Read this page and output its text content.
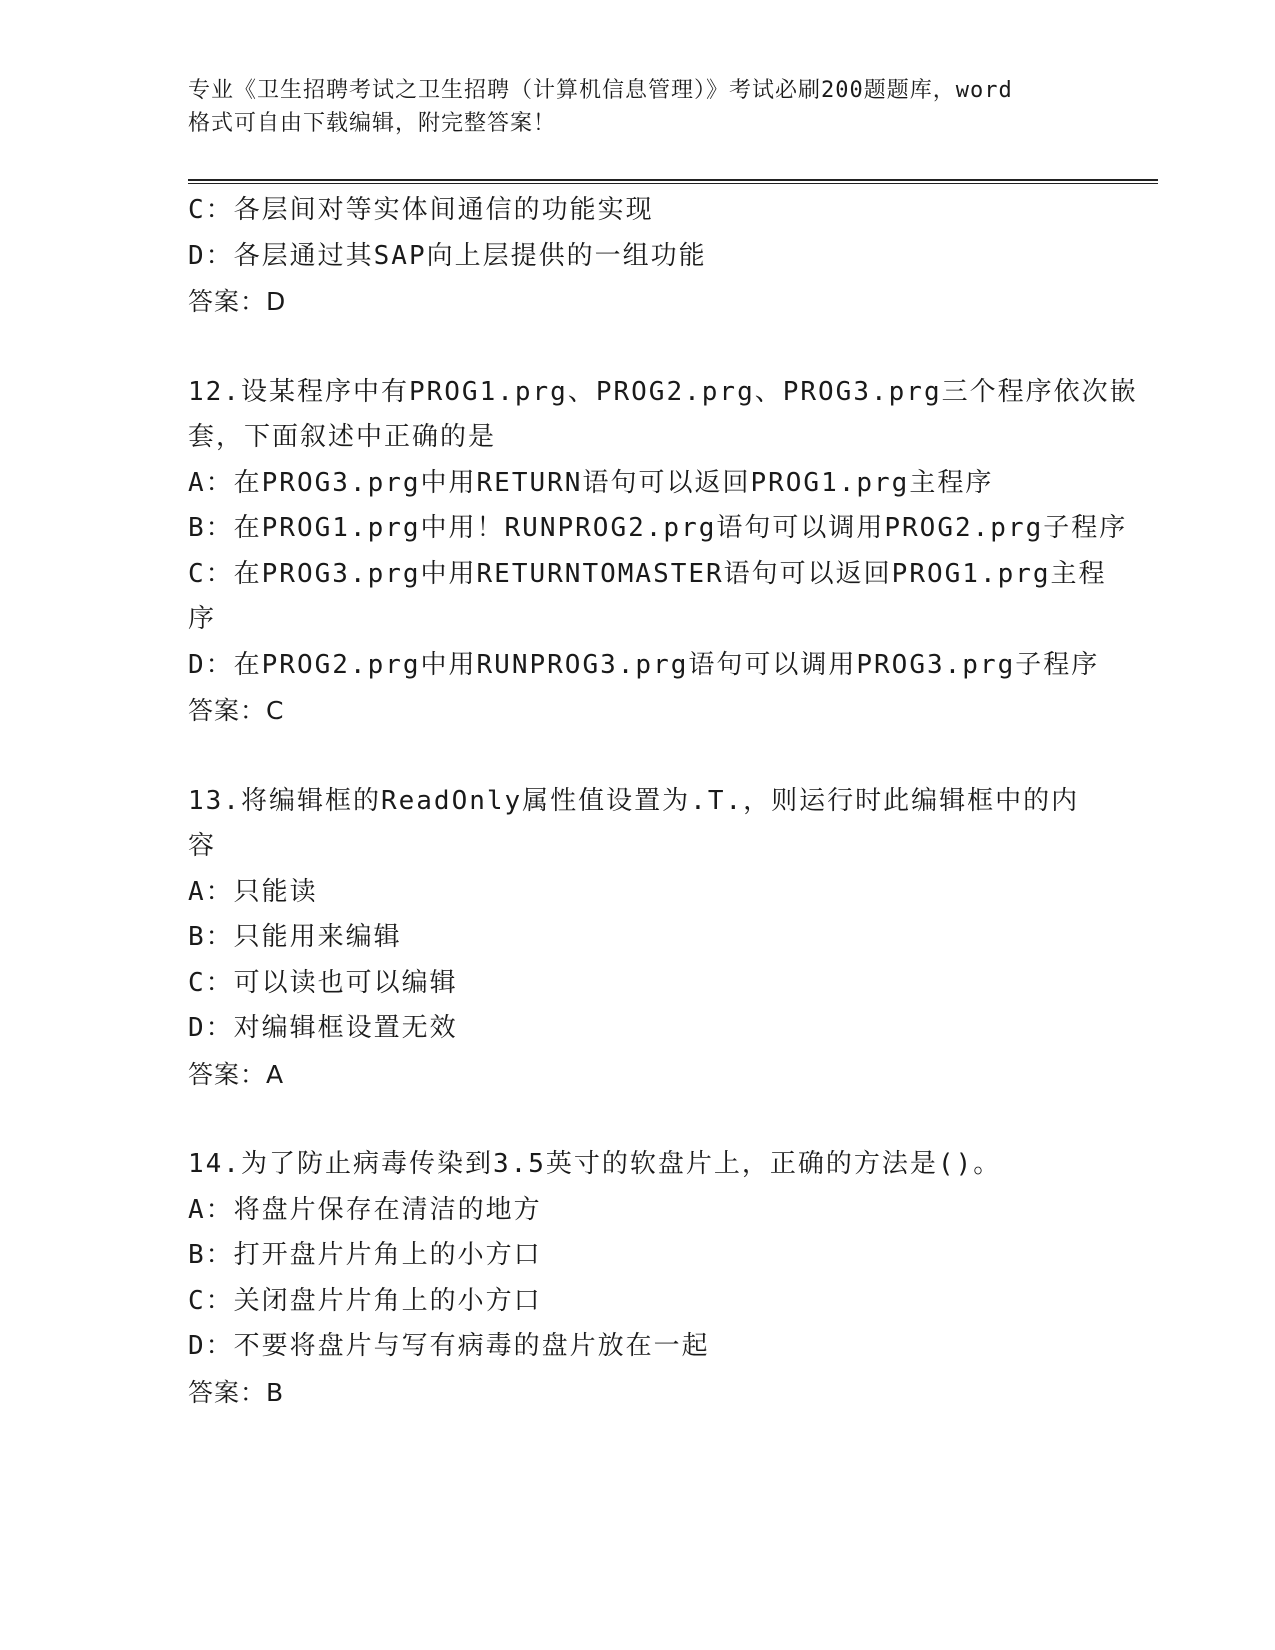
专业《卫生招聘考试之卫生招聘（计算机信息管理）》考试必刷200题题库，word
格式可自由下载编辑，附完整答案！
C：各层间对等实体间通信的功能实现
D：各层通过其SAP向上层提供的一组功能
答案：D
12.设某程序中有PROG1.prg、PROG2.prg、PROG3.prg三个程序依次嵌
套，下面叙述中正确的是
A：在PROG3.prg中用RETURN语句可以返回PROG1.prg主程序
B：在PROG1.prg中用！RUNPROG2.prg语句可以调用PROG2.prg子程序
C：在PROG3.prg中用RETURNTOMASTER语句可以返回PROG1.prg主程
序
D：在PROG2.prg中用RUNPROG3.prg语句可以调用PROG3.prg子程序
答案：C
13.将编辑框的ReadOnly属性值设置为.T.，则运行时此编辑框中的内
容
A：只能读
B：只能用来编辑
C：可以读也可以编辑
D：对编辑框设置无效
答案：A
14.为了防止病毒传染到3.5英寸的软盘片上，正确的方法是()。
A：将盘片保存在清洁的地方
B：打开盘片片角上的小方口
C：关闭盘片片角上的小方口
D：不要将盘片与写有病毒的盘片放在一起
答案：B
